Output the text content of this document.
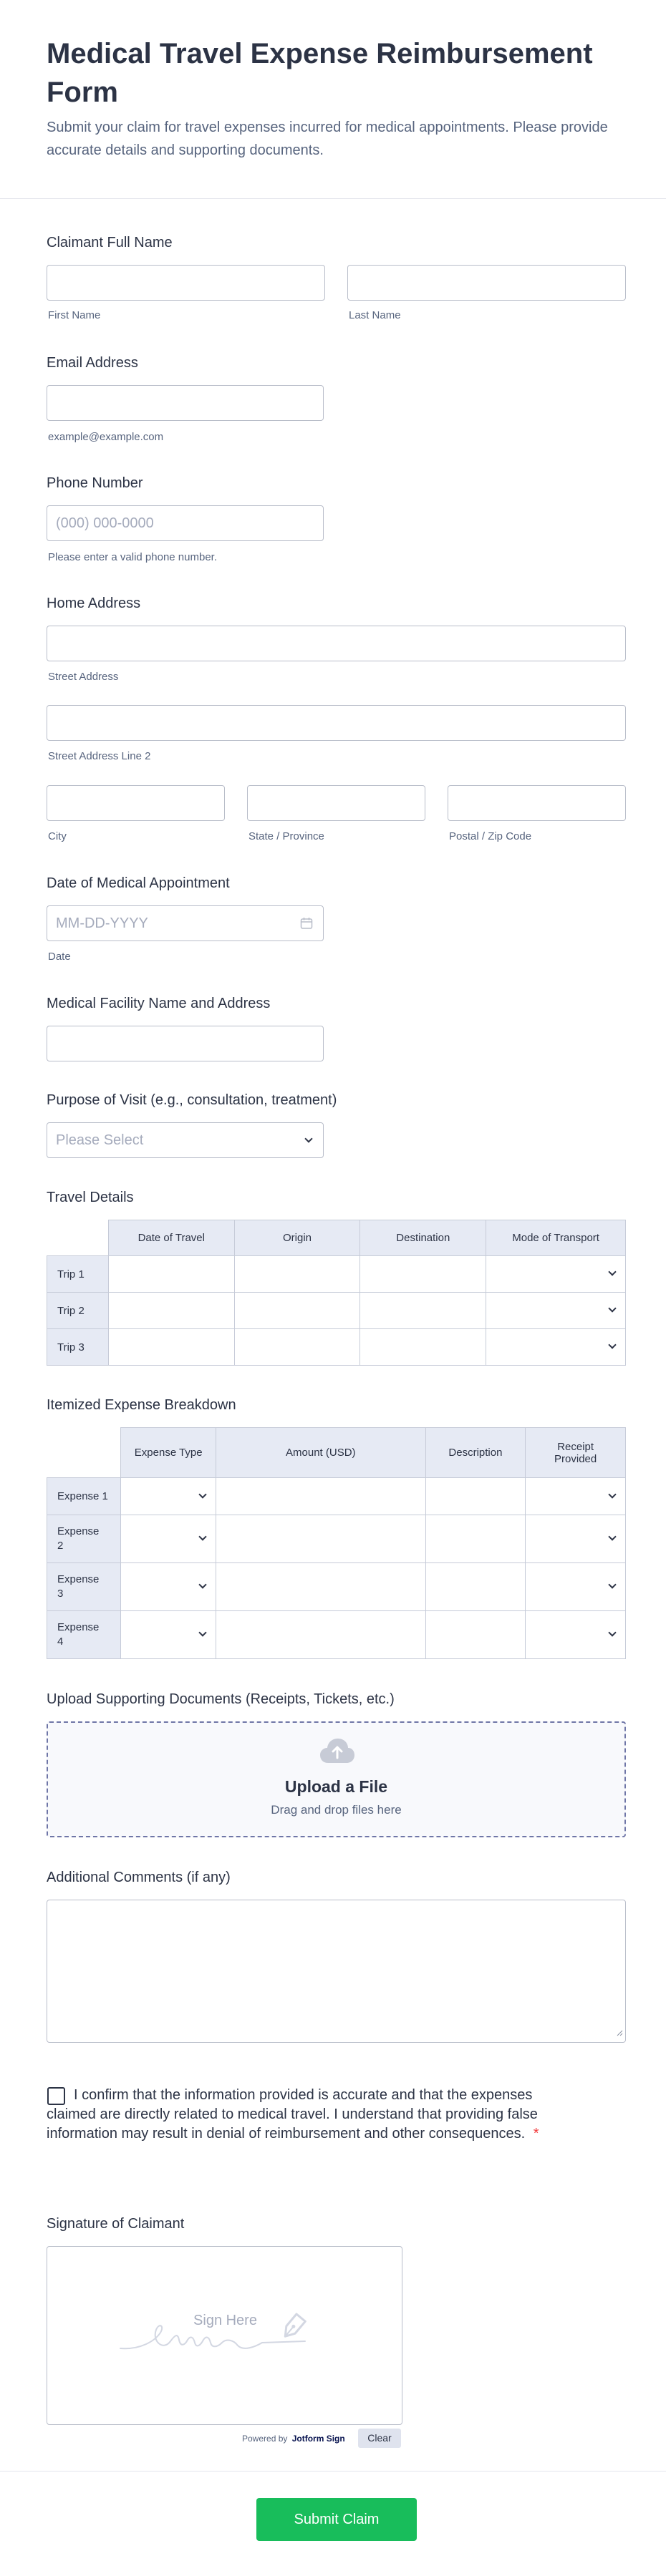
Medical Travel Expense Reimbursement Form
Submit your claim for travel expenses incurred for medical appointments. Please provide accurate details and supporting documents.
Claimant Full Name
First Name	Last Name
Email Address
example@example.com
Phone Number
(000) 000-0000
Please enter a valid phone number.
Home Address
Street Address
Street Address Line 2
City	State / Province	Postal / Zip Code
Date of Medical Appointment
MM-DD-YYYY
Date
Medical Facility Name and Address
Purpose of Visit (e.g., consultation, treatment)
Please Select
Travel Details
	Date of Travel	Origin	Destination	Mode of Transport
Trip 1				

Trip 2				

Trip 3				
Itemized Expense Breakdown
	Expense Type	Amount (USD)	Description	Receipt Provided
Expense 1	

Expense 2	

Expense 3	

Expense 4	

Upload Supporting Documents (Receipts, Tickets, etc.)
Upload a File
Drag and drop files here
Additional Comments (if any)
I confirm that the information provided is accurate and that the expenses claimed are directly related to medical travel. I understand that providing false information may result in denial of reimbursement and other consequences. *
Signature of Claimant
Sign Here
Powered by Jotform Sign	Clear
Submit Claim
